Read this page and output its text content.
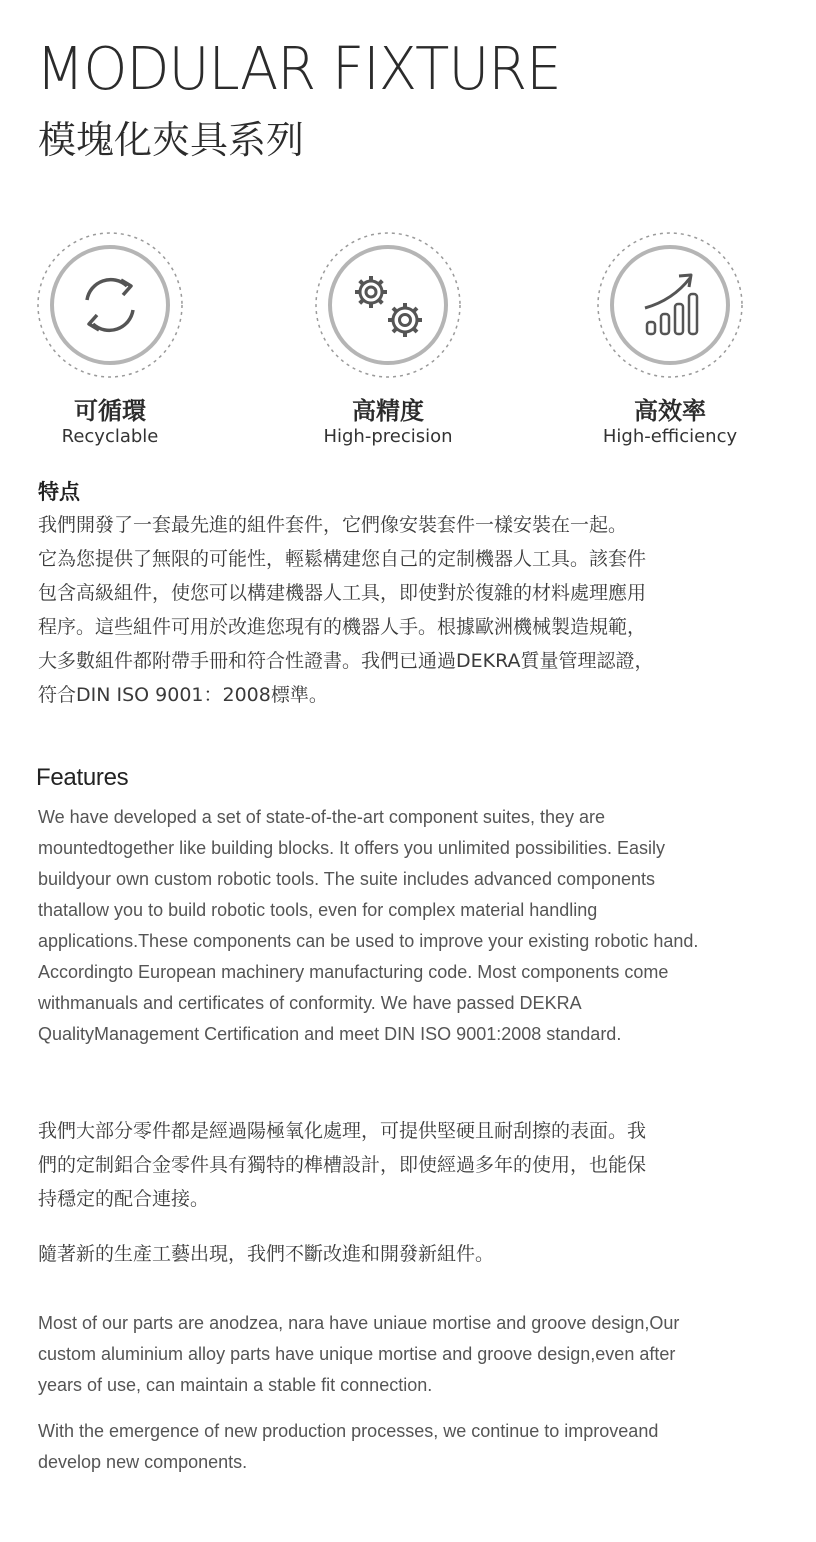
MODULAR FIXTURE
模塊化夾具系列
可循環
Recyclable
高精度
High-precision
高效率
High-efficiency
特点
我們開發了一套最先進的組件套件，它們像安裝套件一樣安裝在一起。
它為您提供了無限的可能性，輕鬆構建您自己的定制機器人工具。該套件
包含高級組件，使您可以構建機器人工具，即使對於復雜的材料處理應用
程序。這些組件可用於改進您現有的機器人手。根據歐洲機械製造規範，
大多數組件都附帶手冊和符合性證書。我們已通過DEKRA質量管理認證，
符合DIN ISO 9001：2008標準。
Features
We have developed a set of state-of-the-art component suites, they are
mountedtogether like building blocks. It offers you unlimited possibilities. Easily
buildyour own custom robotic tools. The suite includes advanced components
thatallow you to build robotic tools, even for complex material handling
applications.These components can be used to improve your existing robotic hand.
Accordingto European machinery manufacturing code. Most components come
withmanuals and certificates of conformity. We have passed DEKRA
QualityManagement Certification and meet DIN ISO 9001:2008 standard.
我們大部分零件都是經過陽極氧化處理，可提供堅硬且耐刮擦的表面。我
們的定制鋁合金零件具有獨特的榫槽設計，即使經過多年的使用，也能保
持穩定的配合連接。
隨著新的生產工藝出現，我們不斷改進和開發新組件。
Most of our parts are anodzea, nara have uniaue mortise and groove design,Our
custom aluminium alloy parts have unique mortise and groove design,even after
years of use, can maintain a stable fit connection.
With the emergence of new production processes, we continue to improveand
develop new components.
